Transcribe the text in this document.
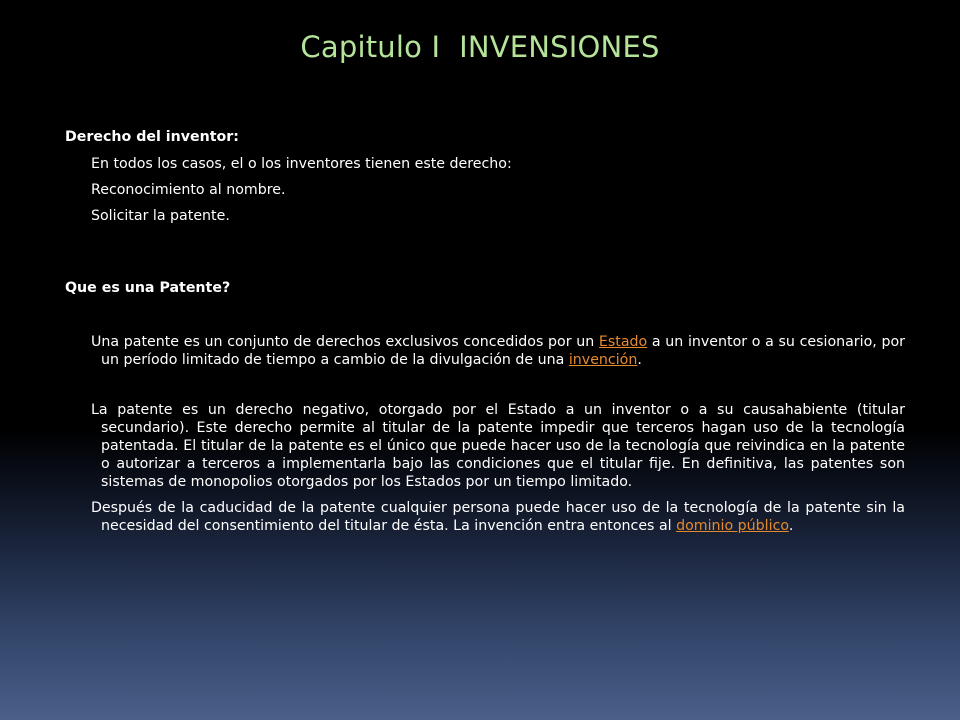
Capitulo I  INVENSIONES

Derecho del inventor:

En todos los casos, el o los inventores tienen este derecho:

Reconocimiento al nombre.

Solicitar la patente.

Que es una Patente?

Una patente es un conjunto de derechos exclusivos concedidos por un Estado a un inventor o a su cesionario, por un período limitado de tiempo a cambio de la divulgación de una invención.

La patente es un derecho negativo, otorgado por el Estado a un inventor o a su causahabiente (titular secundario). Este derecho permite al titular de la patente impedir que terceros hagan uso de la tecnología patentada. El titular de la patente es el único que puede hacer uso de la tecnología que reivindica en la patente o autorizar a terceros a implementarla bajo las condiciones que el titular fije. En definitiva, las patentes son sistemas de monopolios otorgados por los Estados por un tiempo limitado.

Después de la caducidad de la patente cualquier persona puede hacer uso de la tecnología de la patente sin la necesidad del consentimiento del titular de ésta. La invención entra entonces al dominio público.
